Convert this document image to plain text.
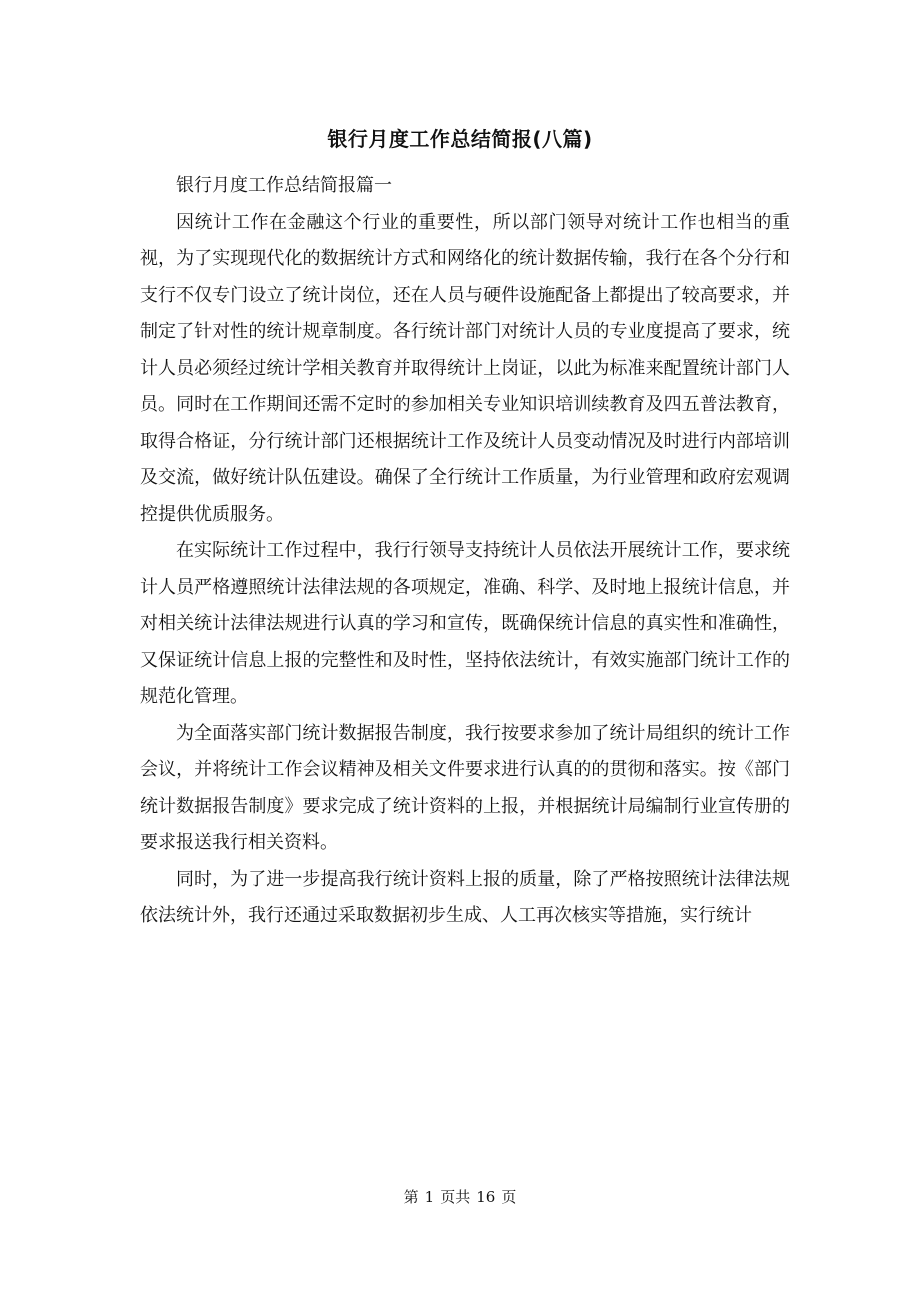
银行月度工作总结简报(八篇)

银行月度工作总结简报篇一

因统计工作在金融这个行业的重要性，所以部门领导对统计工作也相当的重视，为了实现现代化的数据统计方式和网络化的统计数据传输，我行在各个分行和支行不仅专门设立了统计岗位，还在人员与硬件设施配备上都提出了较高要求，并制定了针对性的统计规章制度。各行统计部门对统计人员的专业度提高了要求，统计人员必须经过统计学相关教育并取得统计上岗证，以此为标准来配置统计部门人员。同时在工作期间还需不定时的参加相关专业知识培训续教育及四五普法教育，取得合格证，分行统计部门还根据统计工作及统计人员变动情况及时进行内部培训及交流，做好统计队伍建设。确保了全行统计工作质量，为行业管理和政府宏观调控提供优质服务。

在实际统计工作过程中，我行行领导支持统计人员依法开展统计工作，要求统计人员严格遵照统计法律法规的各项规定，准确、科学、及时地上报统计信息，并对相关统计法律法规进行认真的学习和宣传，既确保统计信息的真实性和准确性，又保证统计信息上报的完整性和及时性，坚持依法统计，有效实施部门统计工作的规范化管理。

为全面落实部门统计数据报告制度，我行按要求参加了统计局组织的统计工作会议，并将统计工作会议精神及相关文件要求进行认真的的贯彻和落实。按《部门统计数据报告制度》要求完成了统计资料的上报，并根据统计局编制行业宣传册的要求报送我行相关资料。

同时，为了进一步提高我行统计资料上报的质量，除了严格按照统计法律法规依法统计外，我行还通过采取数据初步生成、人工再次核实等措施，实行统计

第 1 页共 16 页
